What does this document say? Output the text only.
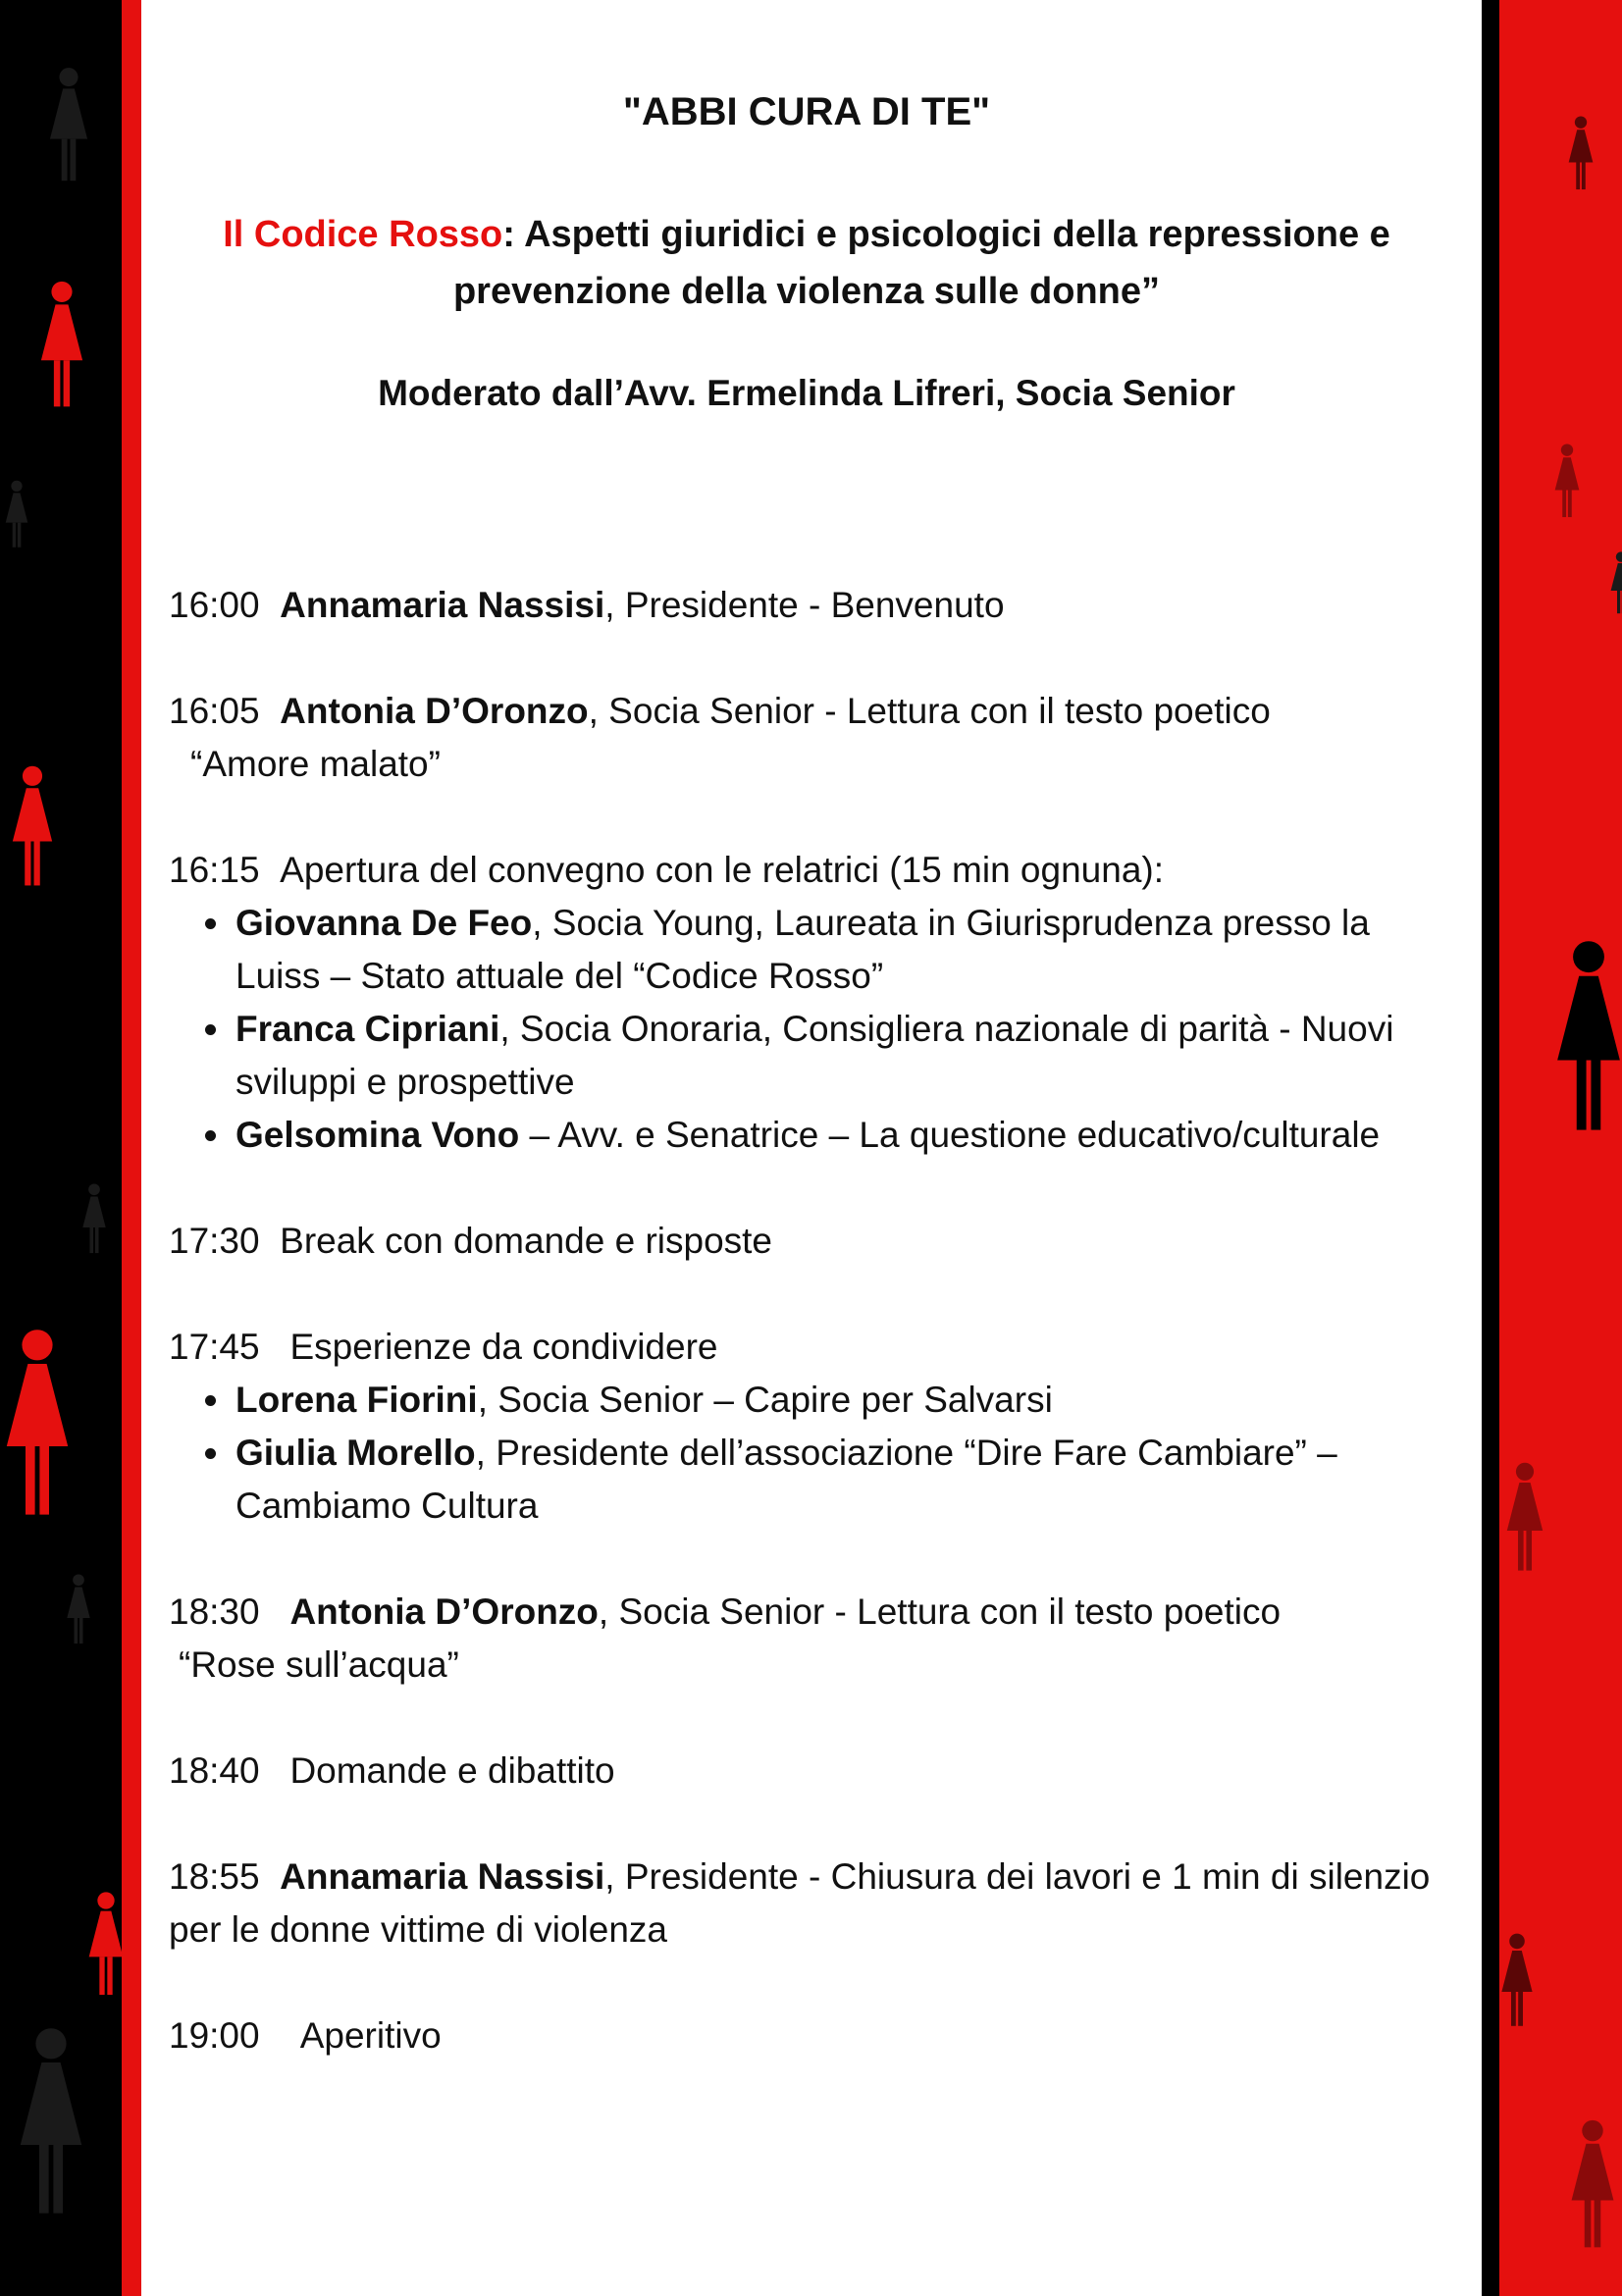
"ABBI CURA DI TE"
Il Codice Rosso: Aspetti giuridici e psicologici della repressione e
prevenzione della violenza sulle donne”
Moderato dall’Avv. Ermelinda Lifreri, Socia Senior
16:00 Annamaria Nassisi, Presidente - Benvenuto
16:05 Antonia D’Oronzo, Socia Senior - Lettura con il testo poetico
“Amore malato”
16:15 Apertura del convegno con le relatrici (15 min ognuna):
• Giovanna De Feo, Socia Young, Laureata in Giurisprudenza presso la Luiss – Stato attuale del “Codice Rosso”
• Franca Cipriani, Socia Onoraria, Consigliera nazionale di parità - Nuovi sviluppi e prospettive
• Gelsomina Vono – Avv. e Senatrice – La questione educativo/culturale
17:30 Break con domande e risposte
17:45 Esperienze da condividere
• Lorena Fiorini, Socia Senior – Capire per Salvarsi
• Giulia Morello, Presidente dell’associazione “Dire Fare Cambiare” – Cambiamo Cultura
18:30 Antonia D’Oronzo, Socia Senior - Lettura con il testo poetico
“Rose sull’acqua”
18:40 Domande e dibattito
18:55 Annamaria Nassisi, Presidente - Chiusura dei lavori e 1 min di silenzio per le donne vittime di violenza
19:00 Aperitivo
